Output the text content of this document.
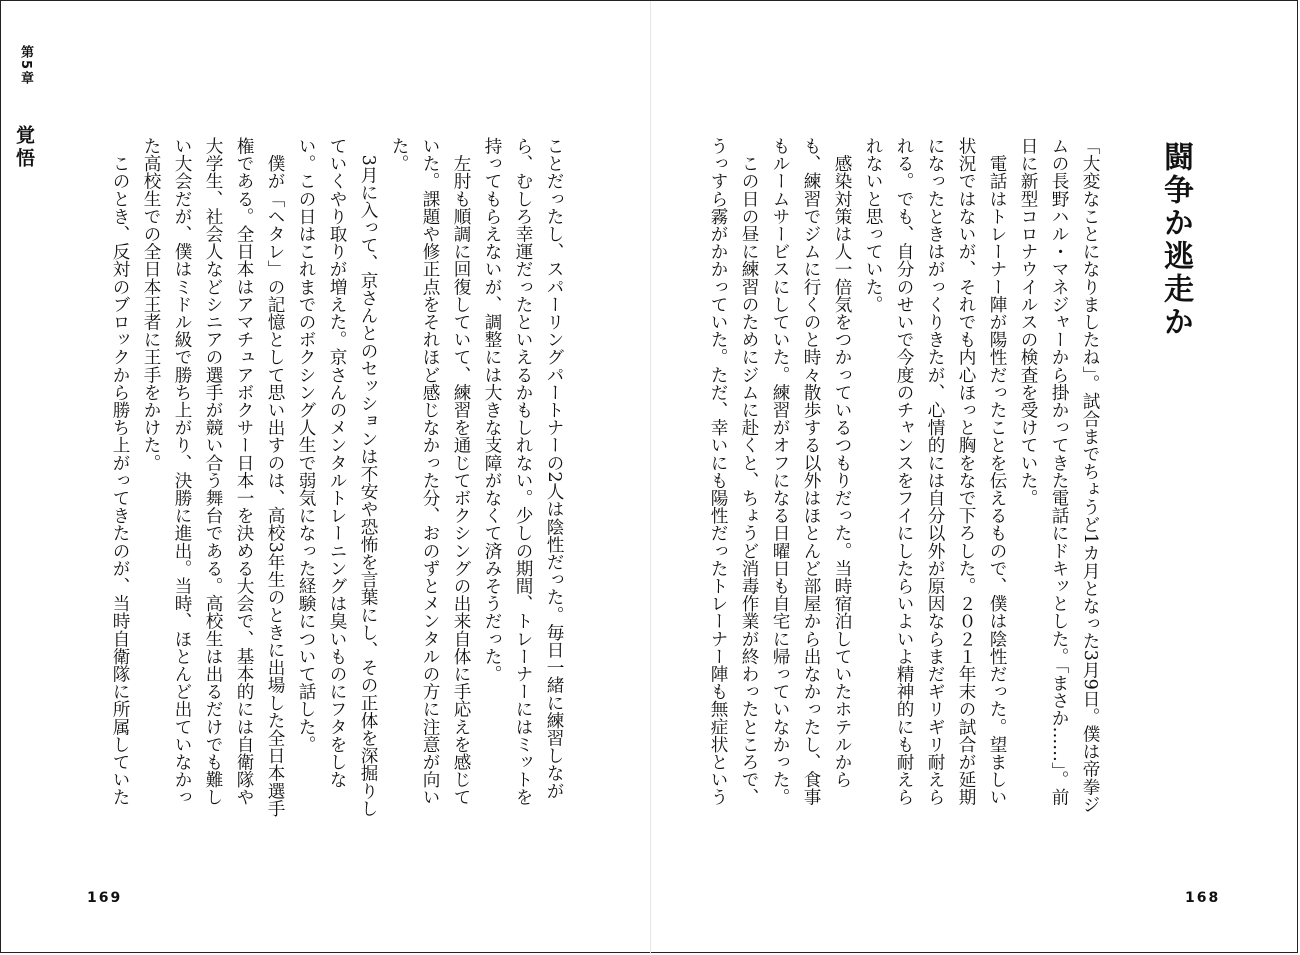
第5章
覚悟	ことだったし、スパーリングパートナーの2人は陰性だった。毎日一緒に練習しながら、むしろ幸運だったといえるかもしれない。少しの期間、トレーナーにはミットを持ってもらえないが、調整には大きな支障がなくて済みそうだった。

　左肘も順調に回復していて、練習を通じてボクシングの出来自体に手応えを感じていた。課題や修正点をそれほど感じなかった分、おのずとメンタルの方に注意が向いた。

　3月に入って、京さんとのセッションは不安や恐怖を言葉にし、その正体を深掘りしていくやり取りが増えた。京さんのメンタルトレーニングは臭いものにフタをしない。この日はこれまでのボクシング人生で弱気になった経験について話した。

　僕が「ヘタレ」の記憶として思い出すのは、高校3年生のときに出場した全日本選手権である。全日本はアマチュアボクサー日本一を決める大会で、基本的には自衛隊や大学生、社会人などシニアの選手が競い合う舞台である。高校生は出るだけでも難しい大会だが、僕はミドル級で勝ち上がり、決勝に進出。当時、ほとんど出ていなかった高校生での全日本王者に王手をかけた。

　このとき、反対のブロックから勝ち上がってきたのが、当時自衛隊に所属していた

169
闘争か逃走か

「大変なことになりましたね」。試合までちょうど1カ月となった3月9日。僕は帝拳ジムの長野ハル・マネジャーから掛かってきた電話にドキッとした。「まさか……」。前日に新型コロナウイルスの検査を受けていた。

　電話はトレーナー陣が陽性だったことを伝えるもので、僕は陰性だった。望ましい状況ではないが、それでも内心ほっと胸をなで下ろした。２０２１年末の試合が延期になったときはがっくりきたが、心情的には自分以外が原因ならまだギリギリ耐えられる。でも、自分のせいで今度のチャンスをフイにしたらいよいよ精神的にも耐えられないと思っていた。

　感染対策は人一倍気をつかっているつもりだった。当時宿泊していたホテルからも、練習でジムに行くのと時々散歩する以外はほとんど部屋から出なかったし、食事もルームサービスにしていた。練習がオフになる日曜日も自宅に帰っていなかった。

　この日の昼に練習のためにジムに赴くと、ちょうど消毒作業が終わったところで、うっすら霧がかかっていた。ただ、幸いにも陽性だったトレーナー陣も無症状という

168
